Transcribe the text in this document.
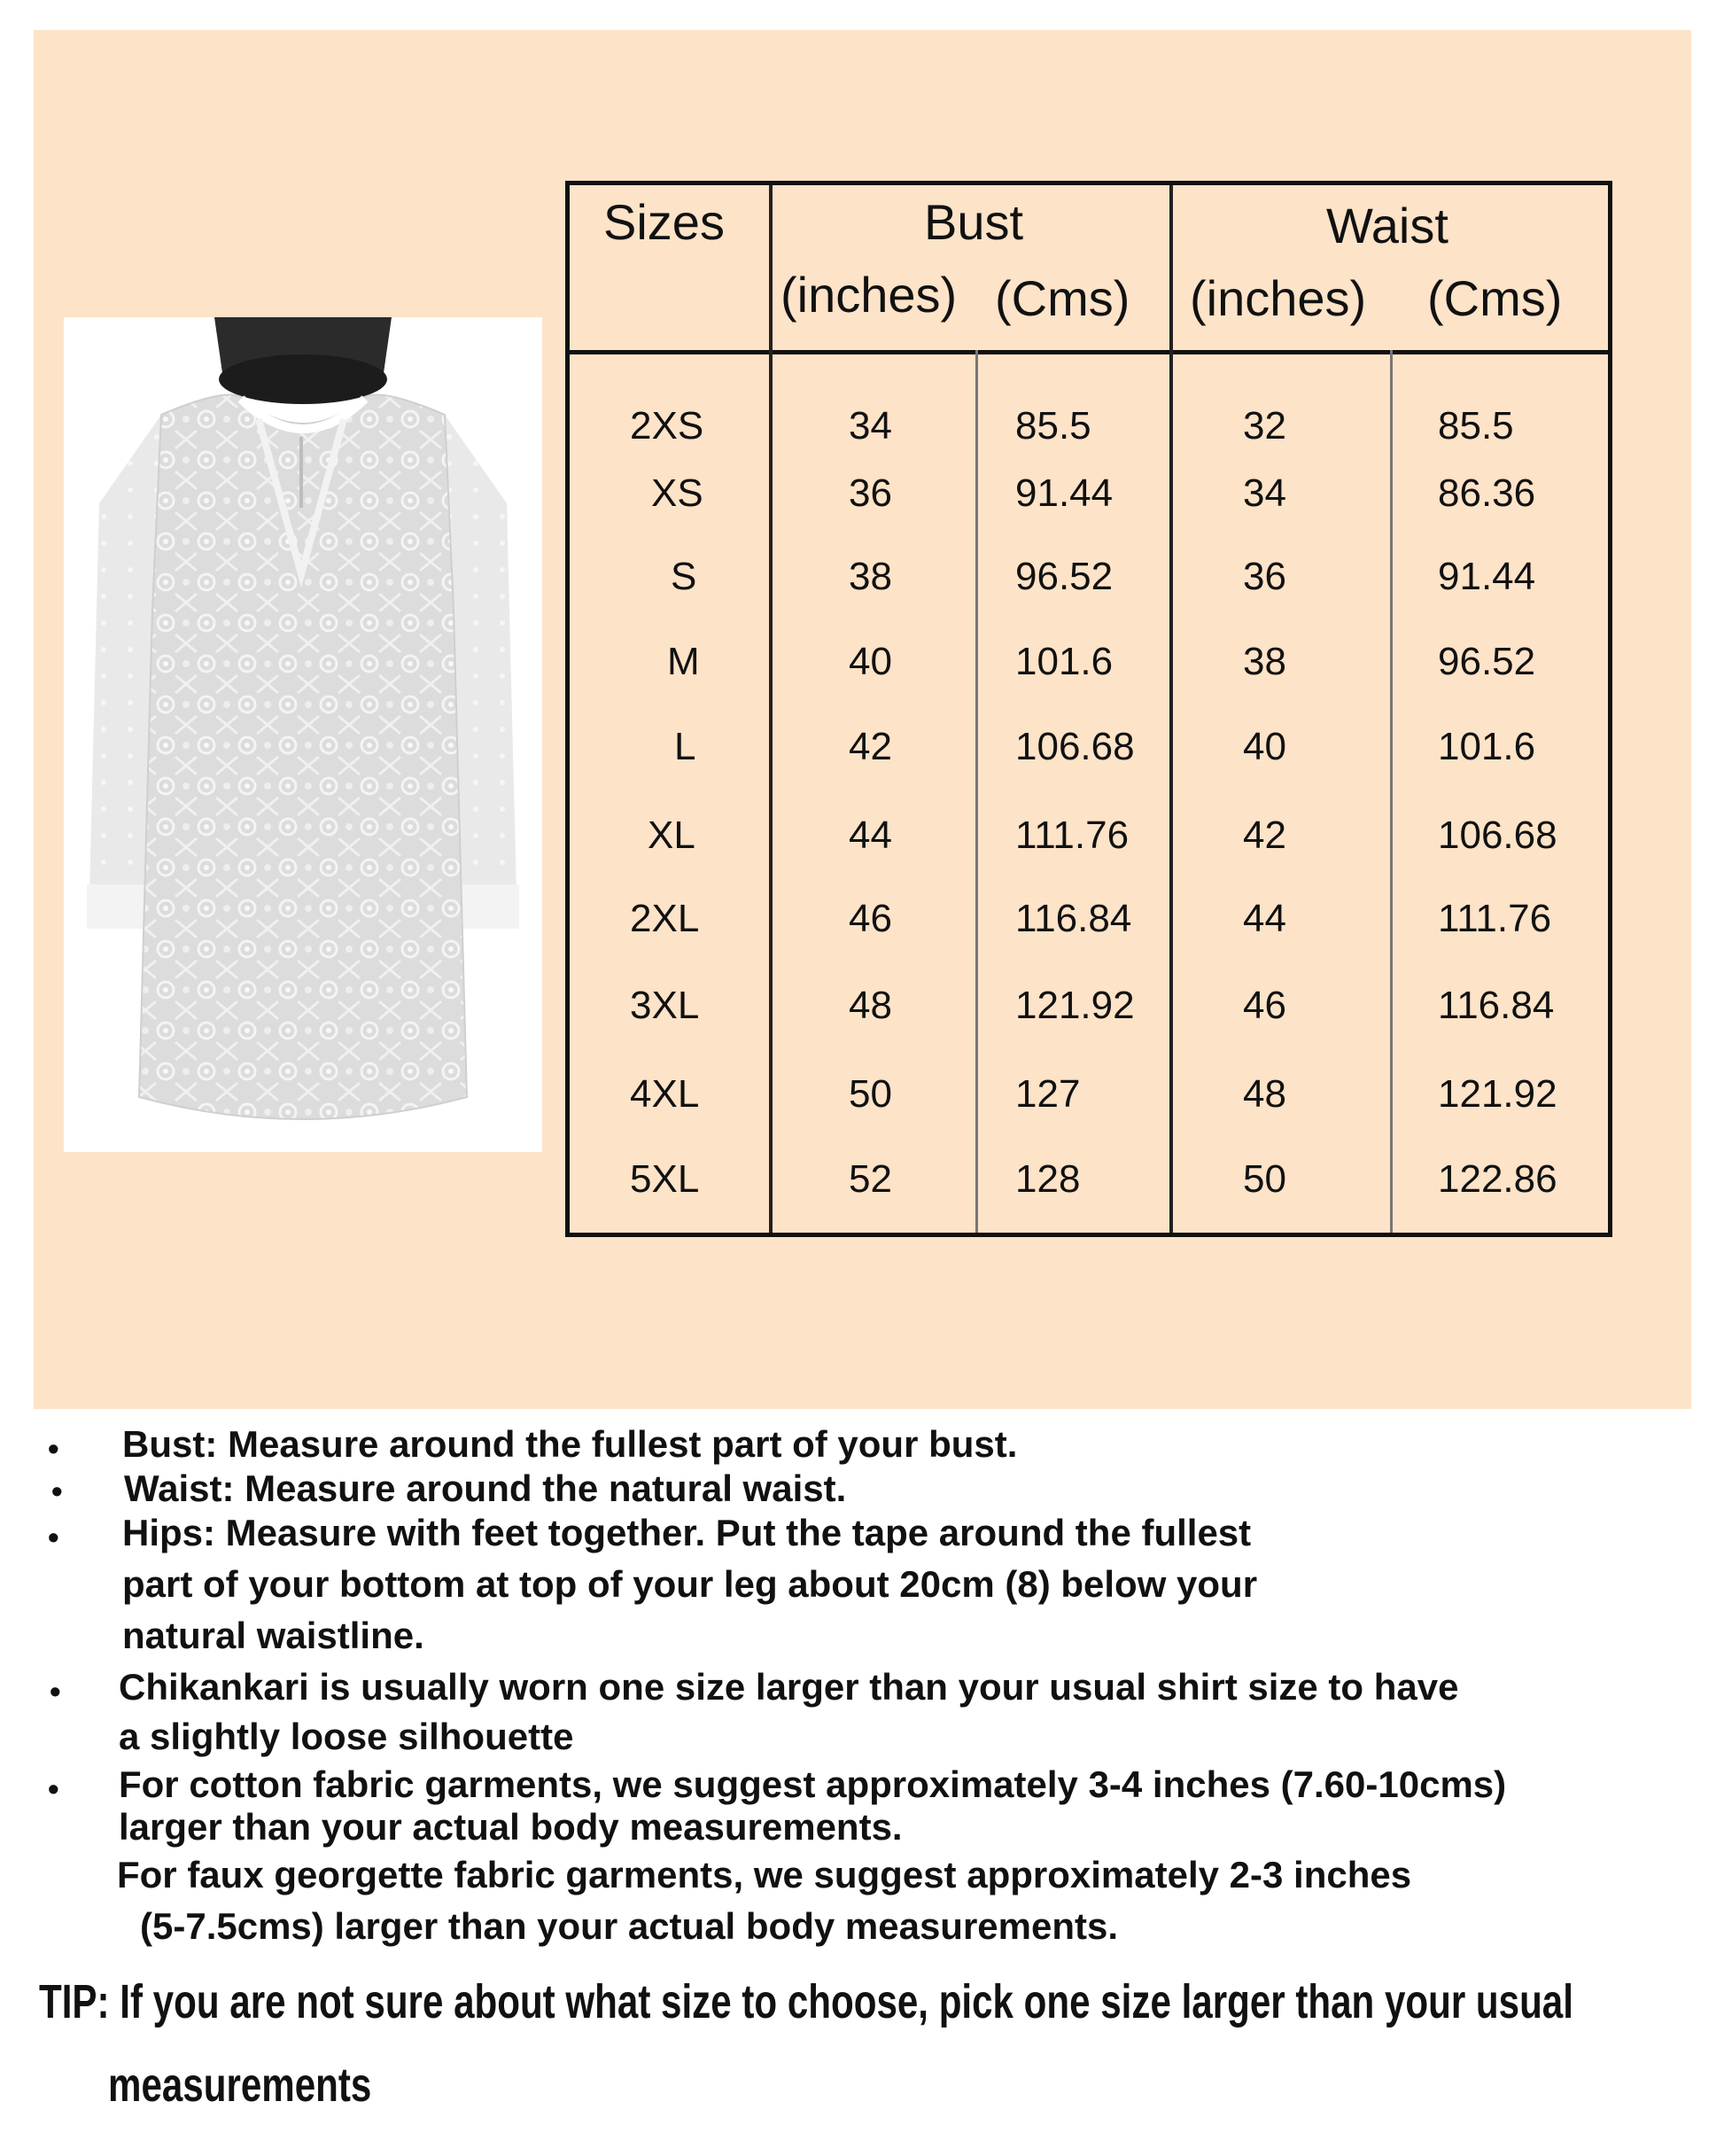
Sizes	Bust	Waist
(inches) (Cms) (inches) (Cms)
2XS	34	85.5	32	85.5
XS	36	91.44	34	86.36
S	38	96.52	36	91.44
M	40	101.6	38	96.52
L	42	106.68	40	101.6
XL	44	111.76	42	106.68
2XL	46	116.84	44	111.76
3XL	48	121.92	46	116.84
4XL	50	127	48	121.92
5XL	52	128	50	122.86
• Bust: Measure around the fullest part of your bust.
• Waist: Measure around the natural waist.
• Hips: Measure with feet together. Put the tape around the fullest
part of your bottom at top of your leg about 20cm (8) below your
natural waistline.
• Chikankari is usually worn one size larger than your usual shirt size to have
a slightly loose silhouette
• For cotton fabric garments, we suggest approximately 3-4 inches (7.60-10cms)
larger than your actual body measurements.
For faux georgette fabric garments, we suggest approximately 2-3 inches
(5-7.5cms) larger than your actual body measurements.
TIP: If you are not sure about what size to choose, pick one size larger than your usual
measurements
